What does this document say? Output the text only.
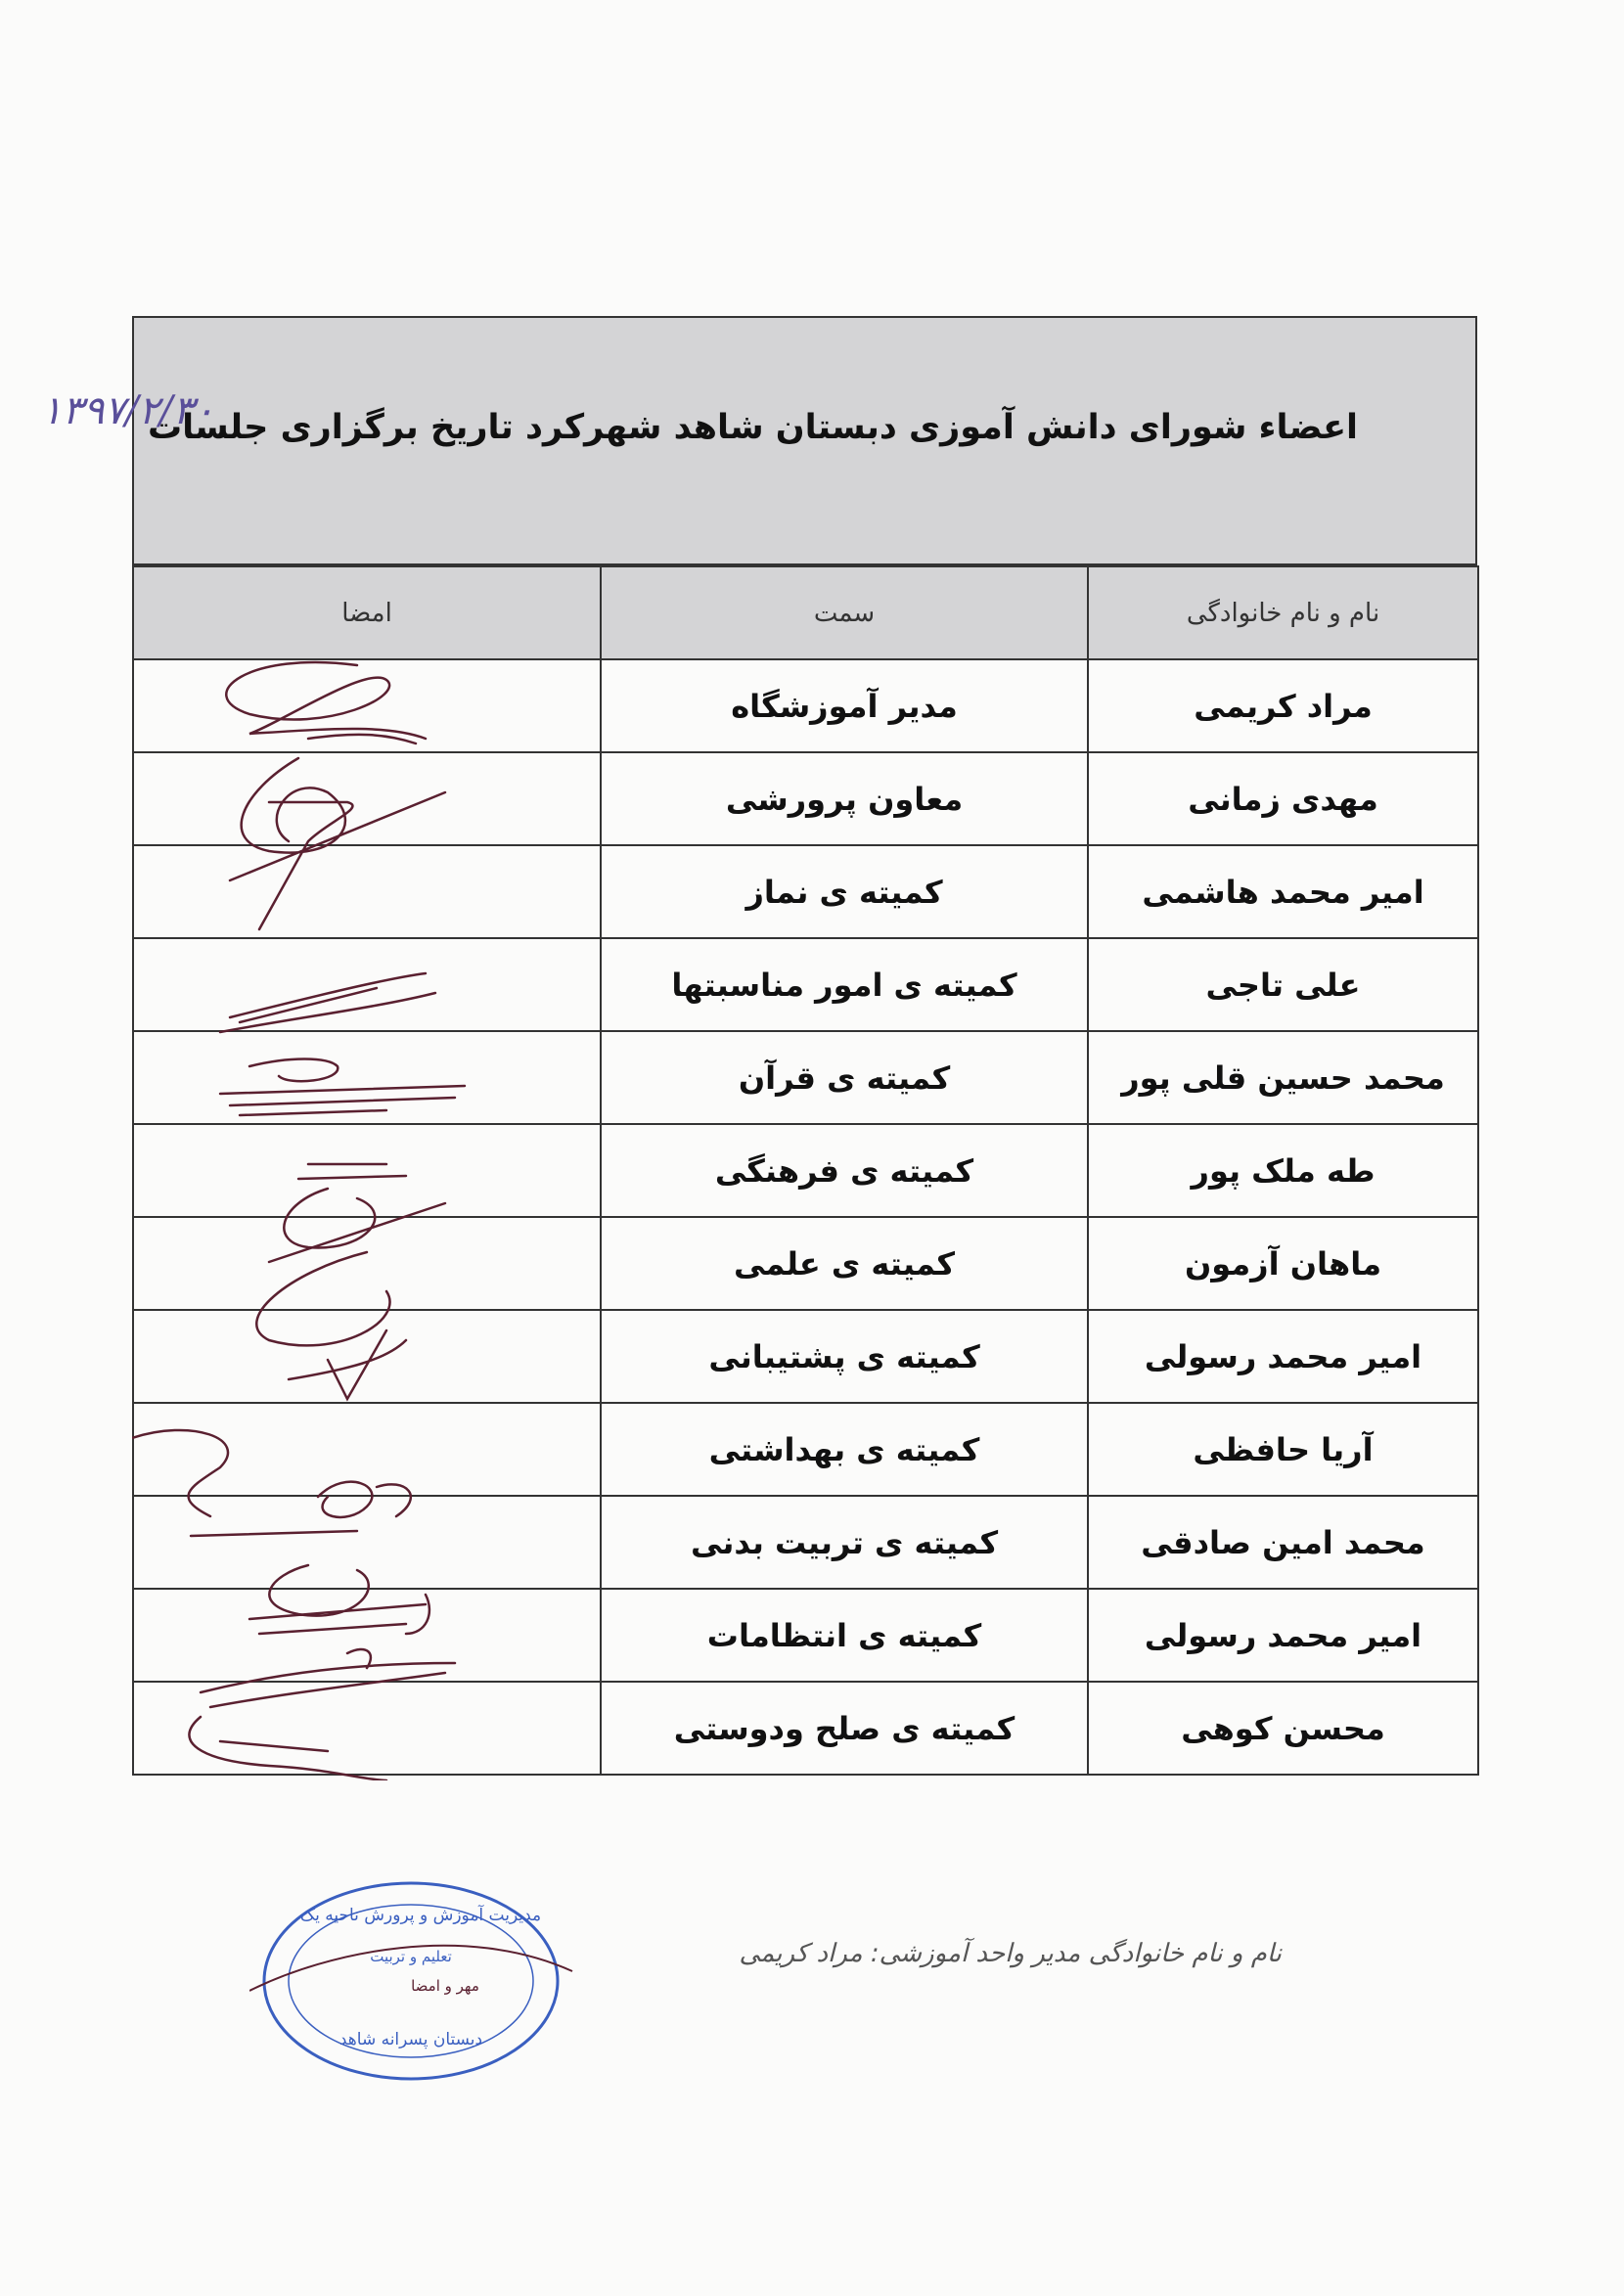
اعضاء شورای دانش آموزی دبستان شاهد شهرکرد تاریخ برگزاری جلسات
١٣٩٧/٢/٣٠
امضا	سمت	نام و نام خانوادگی
	مدیر آموزشگاه	مراد کریمی
	معاون پرورشی	مهدی زمانی
	کمیته ی نماز	امیر محمد هاشمی
	کمیته ی امور مناسبتها	علی تاجی
	کمیته ی قرآن	محمد حسین قلی پور
	کمیته ی فرهنگی	طه ملک پور
	کمیته ی علمی	ماهان آزمون
	کمیته ی پشتیبانی	امیر محمد رسولی
	کمیته ی بهداشتی	آریا حافظی
	کمیته ی تربیت بدنی	محمد امین صادقی
	کمیته ی انتظامات	امیر محمد رسولی
	کمیته ی صلح ودوستی	محسن کوهی
مدیریت آموزش و پرورش ناحیه یک
تعلیم و تربیت
مهر و امضا
دبستان پسرانه شاهد
نام و نام خانوادگی مدیر واحد آموزشی: مراد کریمی
